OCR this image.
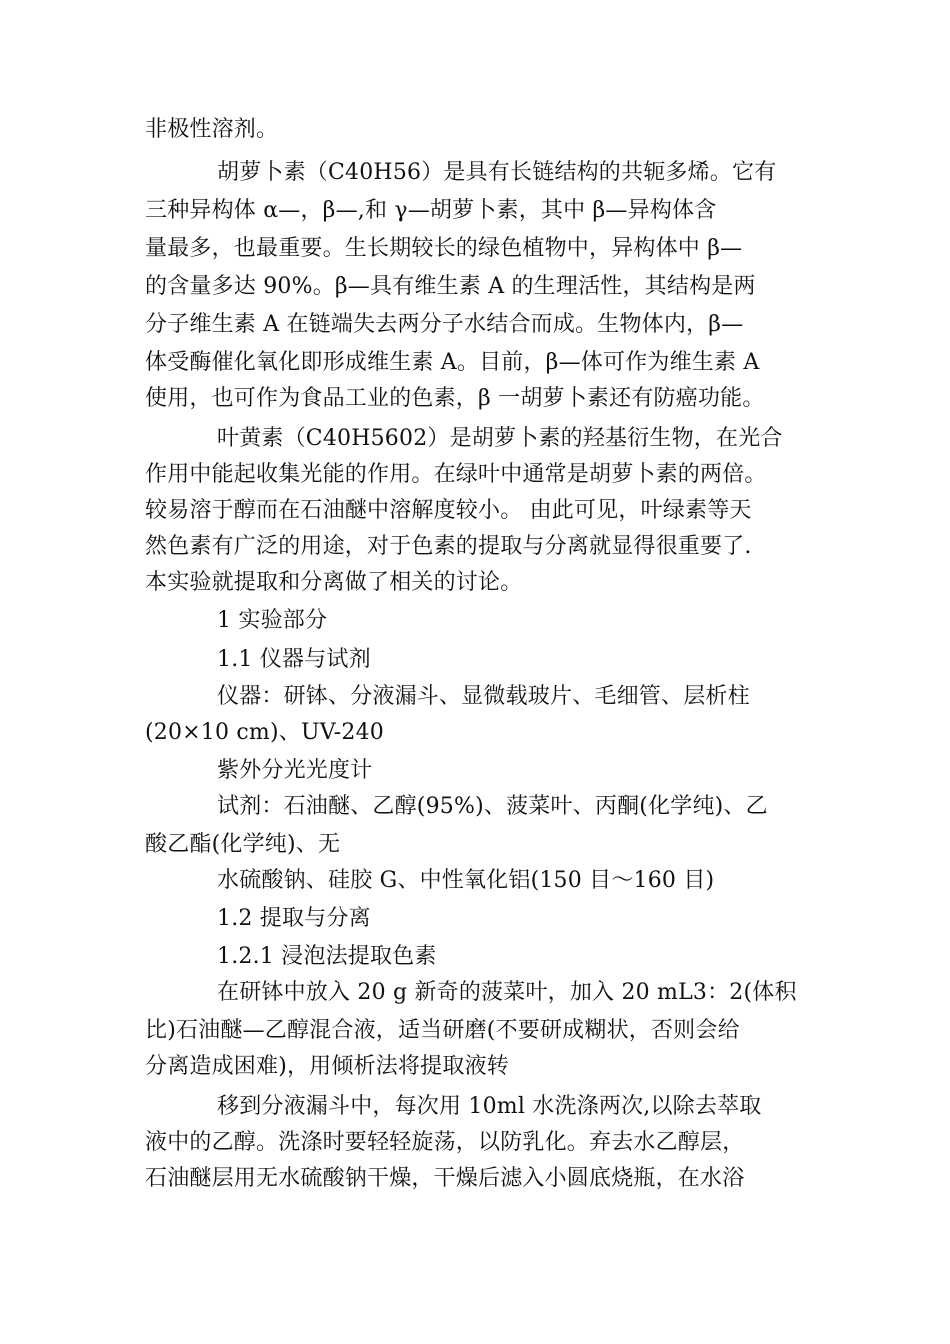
非极性溶剂。
胡萝卜素（C40H56）是具有长链结构的共轭多烯。它有
三种异构体 α—，β—,和 γ—胡萝卜素，其中 β—异构体含
量最多，也最重要。生长期较长的绿色植物中，异构体中 β—
的含量多达 90%。β—具有维生素 A 的生理活性，其结构是两
分子维生素 A 在链端失去两分子水结合而成。生物体内，β—
体受酶催化氧化即形成维生素 A。目前，β—体可作为维生素 A
使用，也可作为食品工业的色素，β 一胡萝卜素还有防癌功能。
叶黄素（C40H5602）是胡萝卜素的羟基衍生物，在光合
作用中能起收集光能的作用。在绿叶中通常是胡萝卜素的两倍。
较易溶于醇而在石油醚中溶解度较小。 由此可见，叶绿素等天
然色素有广泛的用途，对于色素的提取与分离就显得很重要了.
本实验就提取和分离做了相关的讨论。
1 实验部分
1.1 仪器与试剂
仪器：研钵、分液漏斗、显微载玻片、毛细管、层析柱
(20×10 cm)、UV-240
紫外分光光度计
试剂：石油醚、乙醇(95%)、菠菜叶、丙酮(化学纯)、乙
酸乙酯(化学纯)、无
水硫酸钠、硅胶 G、中性氧化铝(150 目～160 目)
1.2 提取与分离
1.2.1 浸泡法提取色素
在研钵中放入 20 g 新奇的菠菜叶，加入 20 mL3：2(体积
比)石油醚—乙醇混合液，适当研磨(不要研成糊状，否则会给
分离造成困难)，用倾析法将提取液转
移到分液漏斗中，每次用 10ml 水洗涤两次,以除去萃取
液中的乙醇。洗涤时要轻轻旋荡，以防乳化。弃去水乙醇层，
石油醚层用无水硫酸钠干燥，干燥后滤入小圆底烧瓶，在水浴
